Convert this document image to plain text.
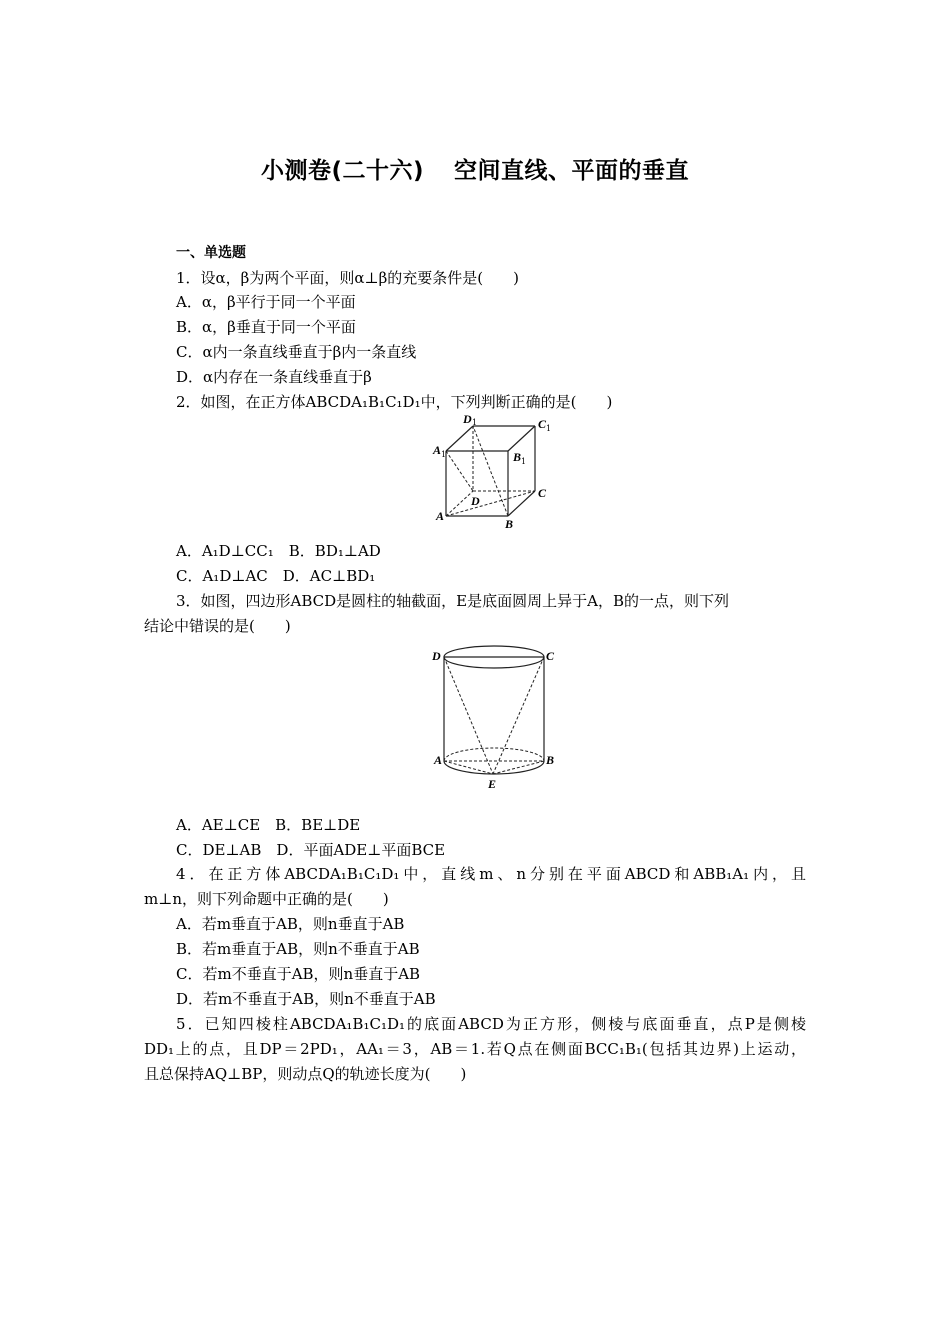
小测卷(二十六) 空间直线、平面的垂直
一、单选题
1．设α，β为两个平面，则α⊥β的充要条件是(　　)
A．α，β平行于同一个平面
B．α，β垂直于同一个平面
C．α内一条直线垂直于β内一条直线
D．α内存在一条直线垂直于β
2．如图，在正方体ABCDA₁B₁C₁D₁中，下列判断正确的是(　　)
D 1	C 1
A 1	B 1
D
C
A
B
A．A₁D⊥CC₁　B．BD₁⊥AD
C．A₁D⊥AC　D．AC⊥BD₁
3．如图，四边形ABCD是圆柱的轴截面，E是底面圆周上异于A，B的一点，则下列
结论中错误的是(　　)
D	C
A	B
E
A．AE⊥CE　B．BE⊥DE
C．DE⊥AB　D．平面ADE⊥平面BCE
4．在正方体ABCDA₁B₁C₁D₁中，直线m、n分别在平面ABCD和ABB₁A₁内，且
m⊥n，则下列命题中正确的是(　　)
A．若m垂直于AB，则n垂直于AB
B．若m垂直于AB，则n不垂直于AB
C．若m不垂直于AB，则n垂直于AB
D．若m不垂直于AB，则n不垂直于AB
5．已知四棱柱ABCDA₁B₁C₁D₁的底面ABCD为正方形，侧棱与底面垂直，点P是侧棱
DD₁上的点，且DP＝2PD₁，AA₁＝3，AB＝1.若Q点在侧面BCC₁B₁(包括其边界)上运动，
且总保持AQ⊥BP，则动点Q的轨迹长度为(　　)
